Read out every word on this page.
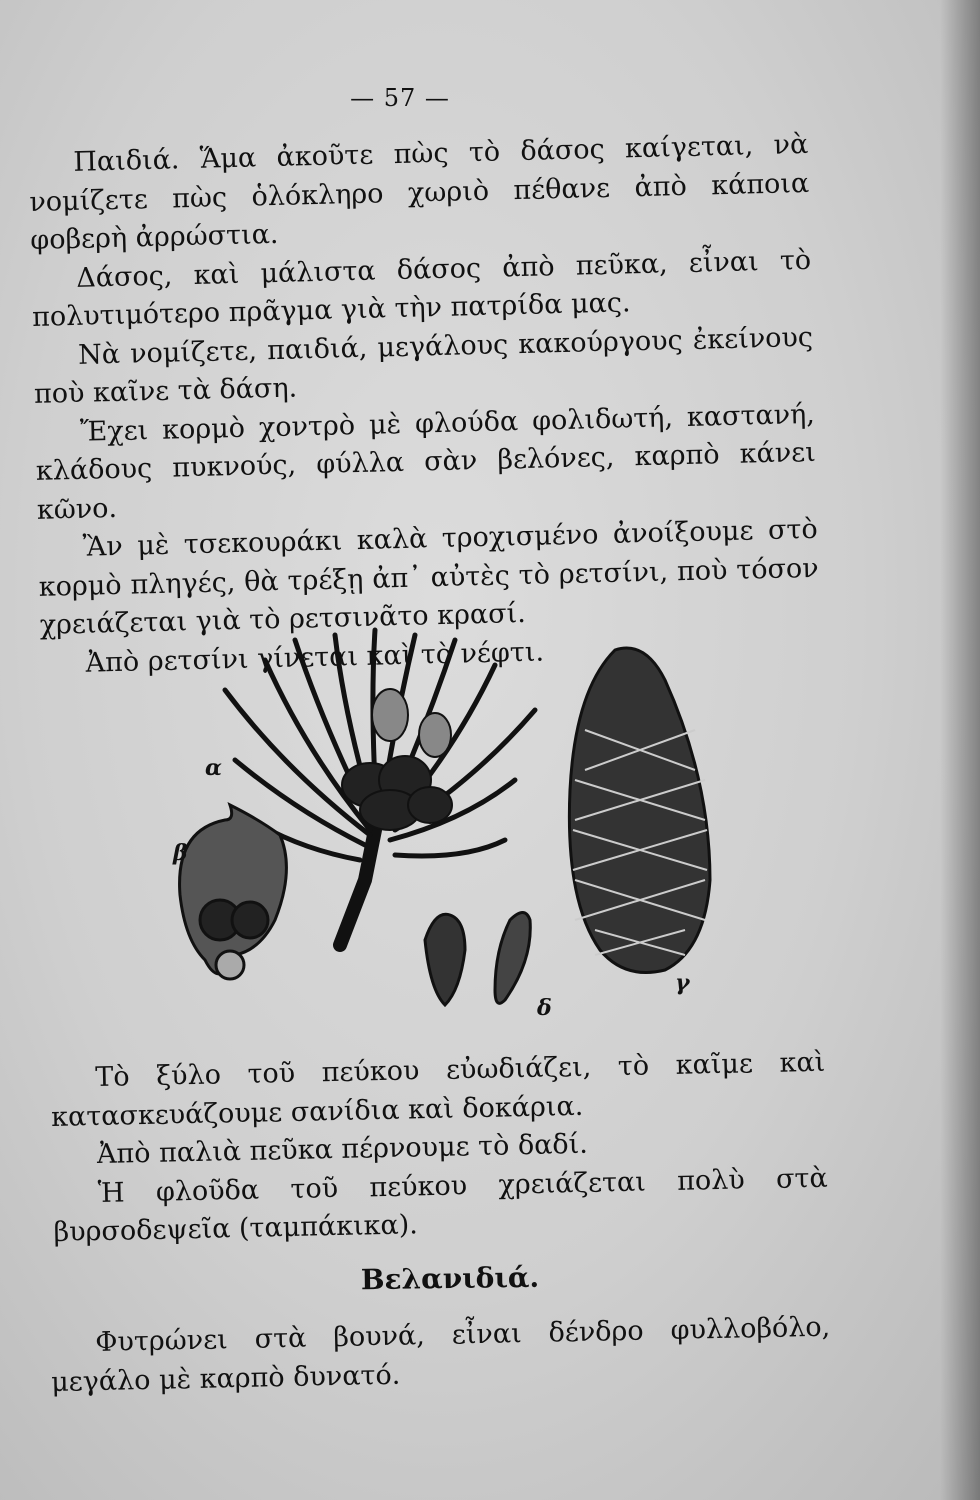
— 57 —

Παιδιά. Ἅμα ἀκοῦτε πὼς τὸ δάσος καίγεται, νὰ νομίζετε πὼς ὁλόκληρο χωριὸ πέθανε ἀπὸ κάποια φοβερὴ ἀρρώστια.

Δάσος, καὶ μάλιστα δάσος ἀπὸ πεῦκα, εἶναι τὸ πολυτιμότερο πρᾶγμα γιὰ τὴν πατρίδα μας.

Νὰ νομίζετε, παιδιά, μεγάλους κακούργους ἐκείνους ποὺ καῖνε τὰ δάση.

Ἔχει κορμὸ χοντρὸ μὲ φλούδα φολιδωτή, καστανή, κλάδους πυκνούς, φύλλα σὰν βελόνες, καρπὸ κάνει κῶνο.

Ἂν μὲ τσεκουράκι καλὰ τροχισμένο ἀνοίξουμε στὸ κορμὸ πληγές, θὰ τρέξῃ ἀπ᾽ αὐτὲς τὸ ρετσίνι, ποὺ τόσον χρειάζεται γιὰ τὸ ρετσινᾶτο κρασί.

Ἀπὸ ρετσίνι γίνεται καὶ τὸ νέφτι.

α
β
γ
δ

Τὸ ξύλο τοῦ πεύκου εὐωδιάζει, τὸ καῖμε καὶ κατασκευάζουμε σανίδια καὶ δοκάρια.

Ἀπὸ παλιὰ πεῦκα πέρνουμε τὸ δαδί.

Ἡ φλοῦδα τοῦ πεύκου χρειάζεται πολὺ στὰ βυρσοδεψεῖα (ταμπάκικα).

Βελανιδιά.

Φυτρώνει στὰ βουνά, εἶναι δένδρο φυλλοβόλο, μεγάλο μὲ καρπὸ δυνατό.
